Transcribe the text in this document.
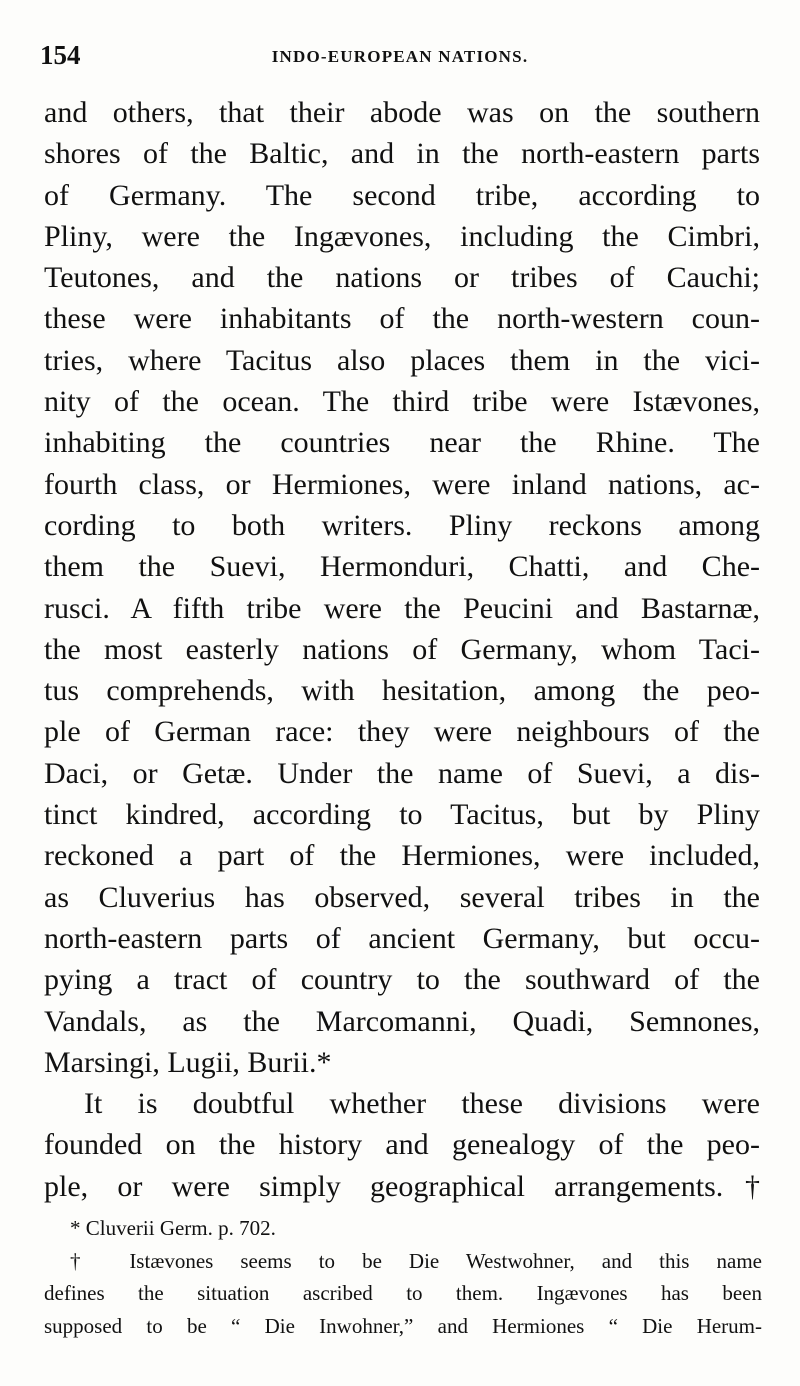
154	INDO-EUROPEAN NATIONS.
and others, that their abode was on the southern
shores of the Baltic, and in the north-eastern parts
of Germany. The second tribe, according to
Pliny, were the Ingævones, including the Cimbri,
Teutones, and the nations or tribes of Cauchi;
these were inhabitants of the north-western coun-
tries, where Tacitus also places them in the vici-
nity of the ocean. The third tribe were Istævones,
inhabiting the countries near the Rhine. The
fourth class, or Hermiones, were inland nations, ac-
cording to both writers. Pliny reckons among
them the Suevi, Hermonduri, Chatti, and Che-
rusci. A fifth tribe were the Peucini and Bastarnæ,
the most easterly nations of Germany, whom Taci-
tus comprehends, with hesitation, among the peo-
ple of German race: they were neighbours of the
Daci, or Getæ. Under the name of Suevi, a dis-
tinct kindred, according to Tacitus, but by Pliny
reckoned a part of the Hermiones, were included,
as Cluverius has observed, several tribes in the
north-eastern parts of ancient Germany, but occu-
pying a tract of country to the southward of the
Vandals, as the Marcomanni, Quadi, Semnones,
Marsingi, Lugii, Burii.*
It is doubtful whether these divisions were
founded on the history and genealogy of the peo-
ple, or were simply geographical arrangements.†
* Cluverii Germ. p. 702.
† Istævones seems to be Die Westwohner, and this name
defines the situation ascribed to them. Ingævones has been
supposed to be “ Die Inwohner,” and Hermiones “ Die Herum-
